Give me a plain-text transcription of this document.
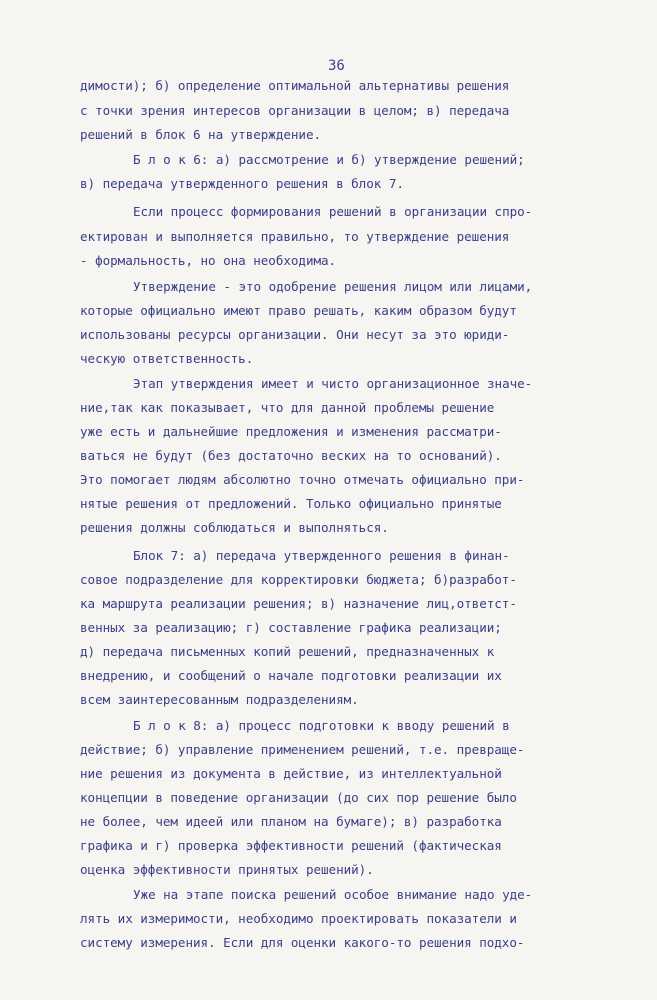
36
димости); б) определение оптимальной альтернативы решения
с точки зрения интересов организации в целом; в) передача
решений в блок 6 на утверждение.
Б л о к 6: а) рассмотрение и б) утверждение решений;
в) передача утвержденного решения в блок 7.
Если процесс формирования решений в организации спро-
ектирован и выполняется правильно, то утверждение решения
- формальность, но она необходима.
Утверждение - это одобрение решения лицом или лицами,
которые официально имеют право решать, каким образом будут
использованы ресурсы организации. Они несут за это юриди-
ческую ответственность.
Этап утверждения имеет и чисто организационное значе-
ние,так как показывает, что для данной проблемы решение
уже есть и дальнейшие предложения и изменения рассматри-
ваться не будут (без достаточно веских на то оснований).
Это помогает людям абсолютно точно отмечать официально при-
нятые решения от предложений. Только официально принятые
решения должны соблюдаться и выполняться.
Блок 7: а) передача утвержденного решения в финан-
совое подразделение для корректировки бюджета; б)разработ-
ка маршрута реализации решения; в) назначение лиц,ответст-
венных за реализацию; г) составление графика реализации;
д) передача письменных копий решений, предназначенных к
внедрению, и сообщений о начале подготовки реализации их
всем заинтересованным подразделениям.
Б л о к 8: а) процесс подготовки к вводу решений в
действие; б) управление применением решений, т.е. превраще-
ние решения из документа в действие, из интеллектуальной
концепции в поведение организации (до сих пор решение было
не более, чем идеей или планом на бумаге); в) разработка
графика и г) проверка эффективности решений (фактическая
оценка эффективности принятых решений).
Уже на этапе поиска решений особое внимание надо уде-
лять их измеримости, необходимо проектировать показатели и
систему измерения. Если для оценки какого-то решения подхо-
